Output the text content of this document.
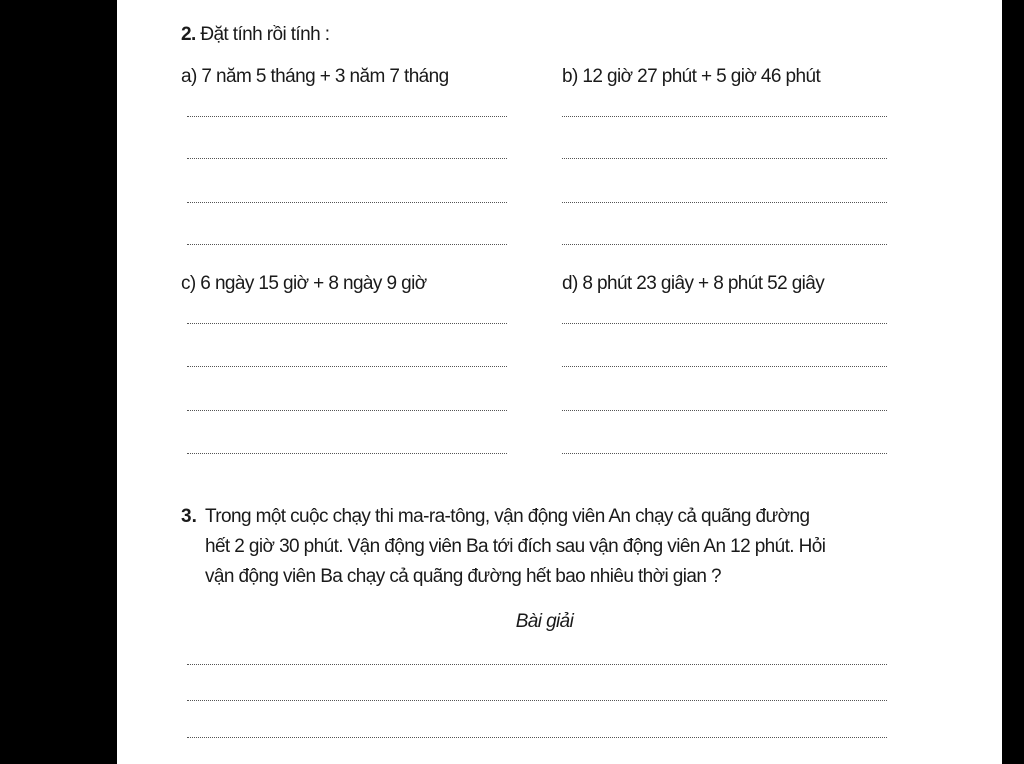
2. Đặt tính rồi tính :
a) 7 năm 5 tháng + 3 năm 7 tháng	b) 12 giờ 27 phút + 5 giờ 46 phút
c) 6 ngày 15 giờ + 8 ngày 9 giờ	d) 8 phút 23 giây + 8 phút 52 giây
3. Trong một cuộc chạy thi ma-ra-tông, vận động viên An chạy cả quãng đường
hết 2 giờ 30 phút. Vận động viên Ba tới đích sau vận động viên An 12 phút. Hỏi
vận động viên Ba chạy cả quãng đường hết bao nhiêu thời gian ?
Bài giải
